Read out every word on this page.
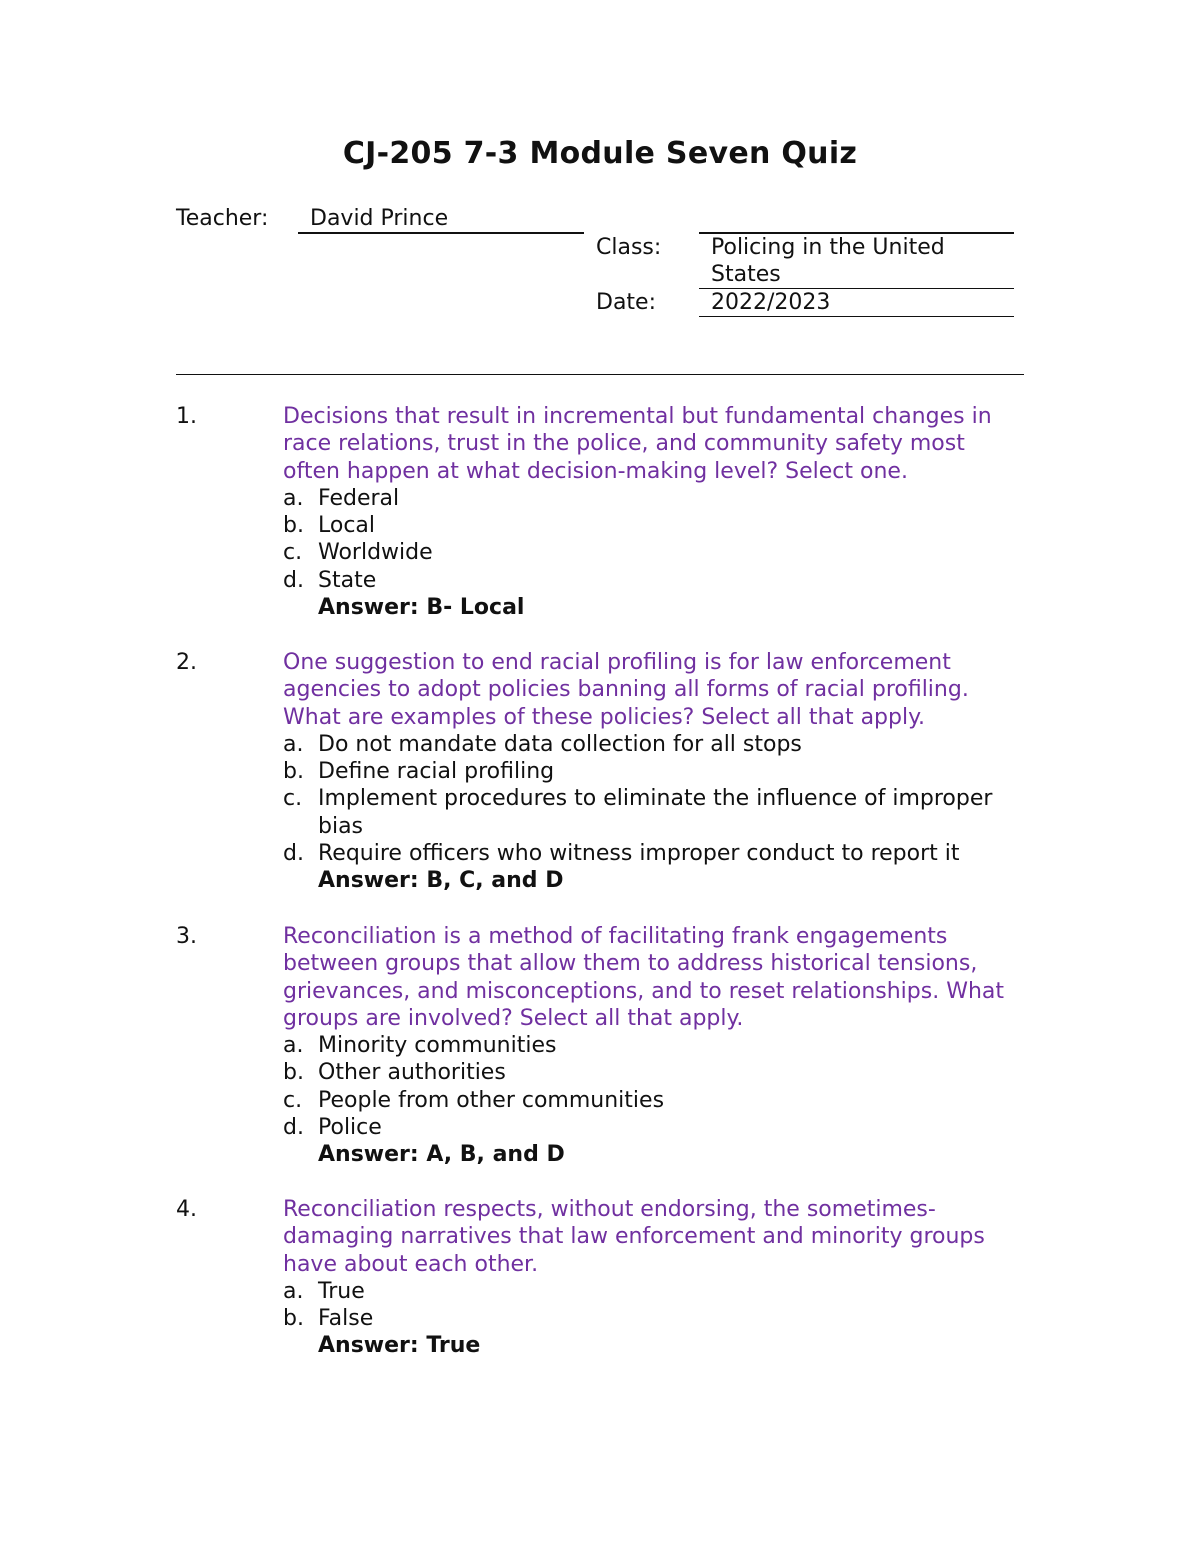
CJ-205 7-3 Module Seven Quiz
Teacher:	David Prince
Class:	Policing in the United States
Date:	2022/2023
1.	Decisions that result in incremental but fundamental changes in race relations, trust in the police, and community safety most often happen at what decision-making level? Select one.
a. Federal
b. Local
c. Worldwide
d. State
Answer: B- Local
2.	One suggestion to end racial profiling is for law enforcement agencies to adopt policies banning all forms of racial profiling. What are examples of these policies? Select all that apply.
a. Do not mandate data collection for all stops
b. Define racial profiling
c. Implement procedures to eliminate the influence of improper bias
d. Require officers who witness improper conduct to report it
Answer: B, C, and D
3.	Reconciliation is a method of facilitating frank engagements between groups that allow them to address historical tensions, grievances, and misconceptions, and to reset relationships. What groups are involved? Select all that apply.
a. Minority communities
b. Other authorities
c. People from other communities
d. Police
Answer: A, B, and D
4.	Reconciliation respects, without endorsing, the sometimes-damaging narratives that law enforcement and minority groups have about each other.
a. True
b. False
Answer: True
